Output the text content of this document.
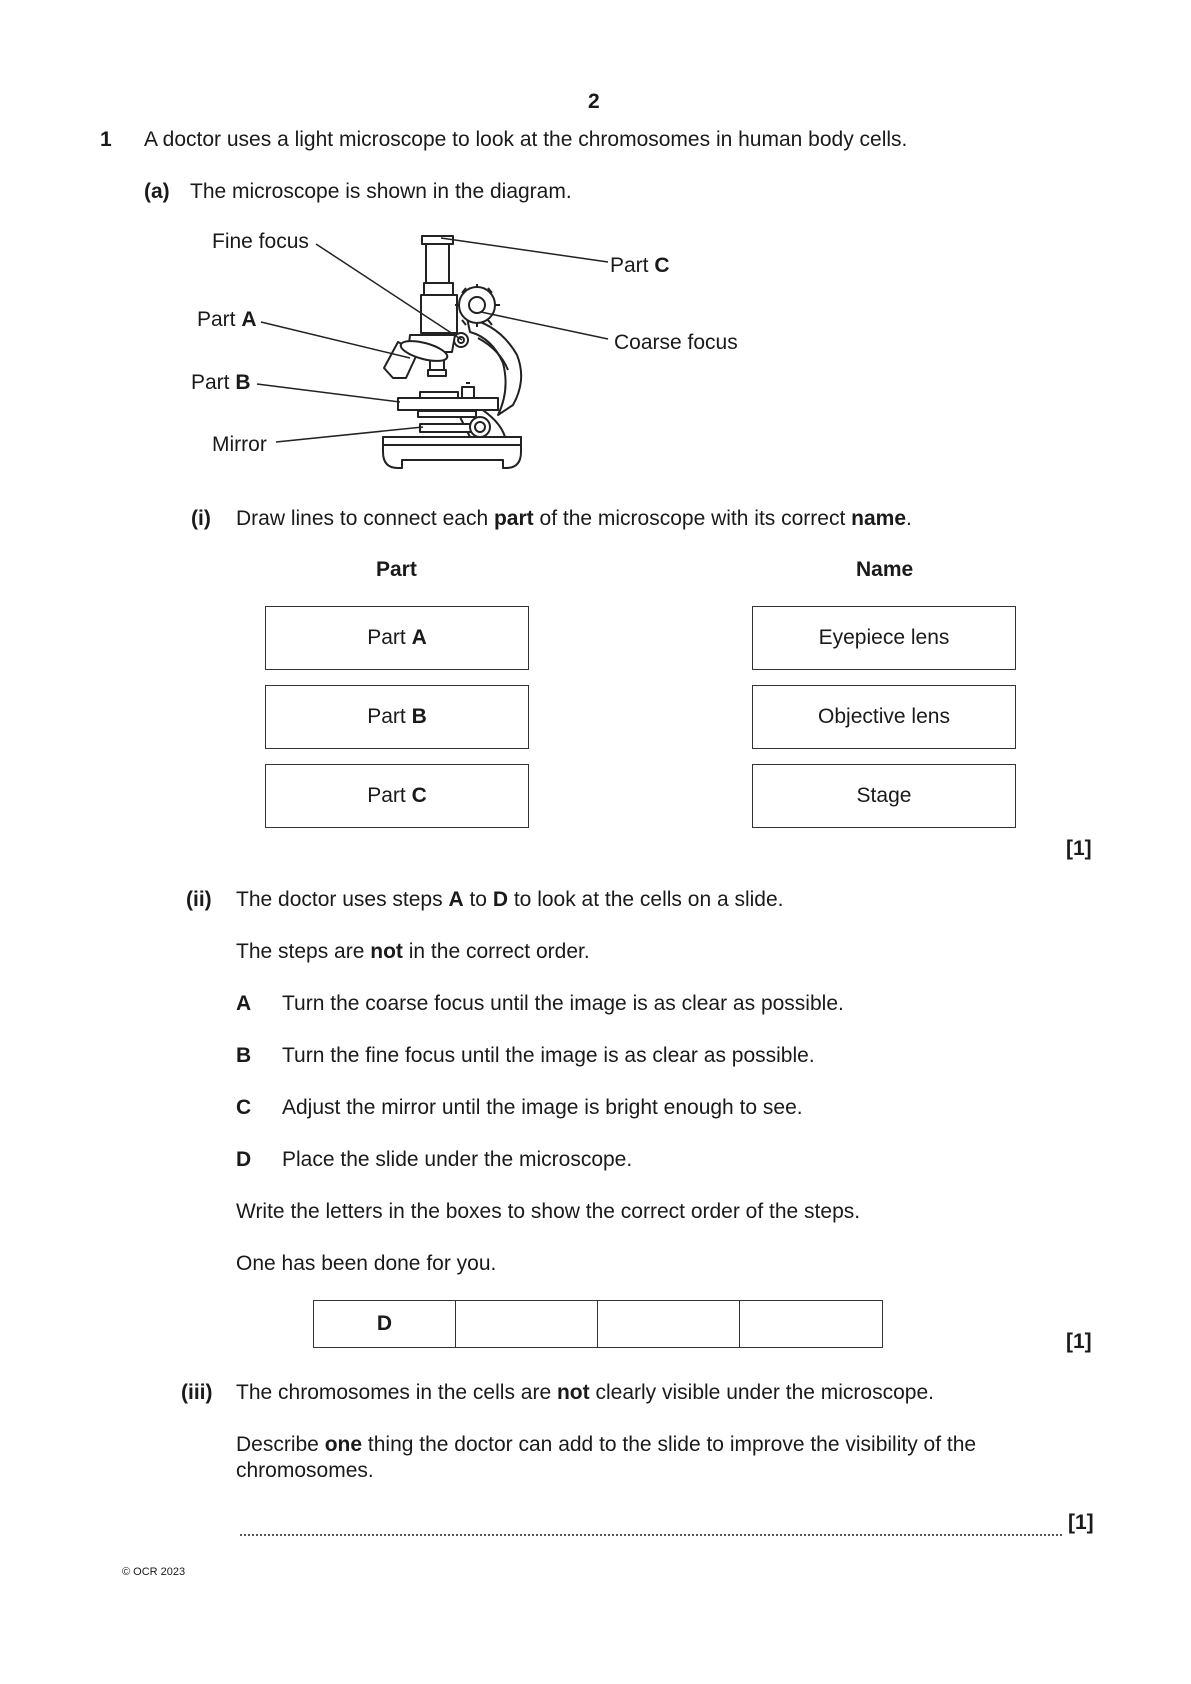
2
1 A doctor uses a light microscope to look at the chromosomes in human body cells.
(a) The microscope is shown in the diagram.
Fine focus
Part A
Part B
Mirror
Part C
Coarse focus
(i) Draw lines to connect each part of the microscope with its correct name.
Part	Name
Part
A
Part
B
Part
C
Eyepiece lens
Objective lens
Stage
[1]
(ii) The doctor uses steps A to D to look at the cells on a slide.
The steps are not in the correct order.
A Turn the coarse focus until the image is as clear as possible.
B Turn the fine focus until the image is as clear as possible.
C Adjust the mirror until the image is bright enough to see.
D Place the slide under the microscope.
Write the letters in the boxes to show the correct order of the steps.
One has been done for you.
D
[1]
(iii) The chromosomes in the cells are not clearly visible under the microscope.
Describe one thing the doctor can add to the slide to improve the visibility of the
chromosomes.
[1]
© OCR 2023
